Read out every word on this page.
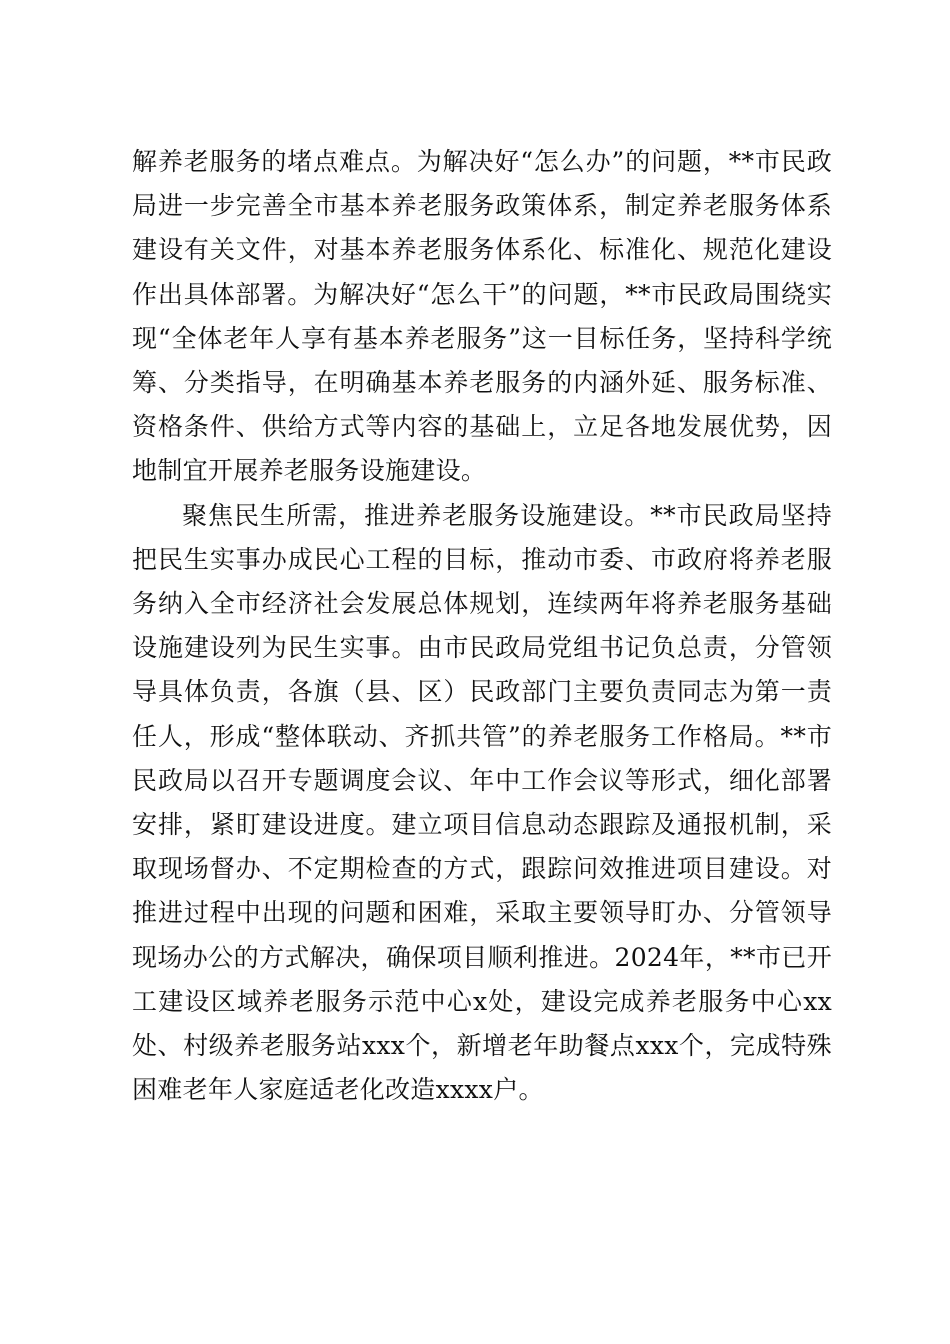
解养老服务的堵点难点。为解决好“怎么办”的问题，**市民政局进一步完善全市基本养老服务政策体系，制定养老服务体系建设有关文件，对基本养老服务体系化、标准化、规范化建设作出具体部署。为解决好“怎么干”的问题，**市民政局围绕实现“全体老年人享有基本养老服务”这一目标任务，坚持科学统筹、分类指导，在明确基本养老服务的内涵外延、服务标准、资格条件、供给方式等内容的基础上，立足各地发展优势，因地制宜开展养老服务设施建设。

聚焦民生所需，推进养老服务设施建设。**市民政局坚持把民生实事办成民心工程的目标，推动市委、市政府将养老服务纳入全市经济社会发展总体规划，连续两年将养老服务基础设施建设列为民生实事。由市民政局党组书记负总责，分管领导具体负责，各旗（县、区）民政部门主要负责同志为第一责任人，形成“整体联动、齐抓共管”的养老服务工作格局。**市民政局以召开专题调度会议、年中工作会议等形式，细化部署安排，紧盯建设进度。建立项目信息动态跟踪及通报机制，采取现场督办、不定期检查的方式，跟踪问效推进项目建设。对推进过程中出现的问题和困难，采取主要领导盯办、分管领导现场办公的方式解决，确保项目顺利推进。2024年，**市已开工建设区域养老服务示范中心x处，建设完成养老服务中心xx处、村级养老服务站xxx个，新增老年助餐点xxx个，完成特殊困难老年人家庭适老化改造xxxx户。
